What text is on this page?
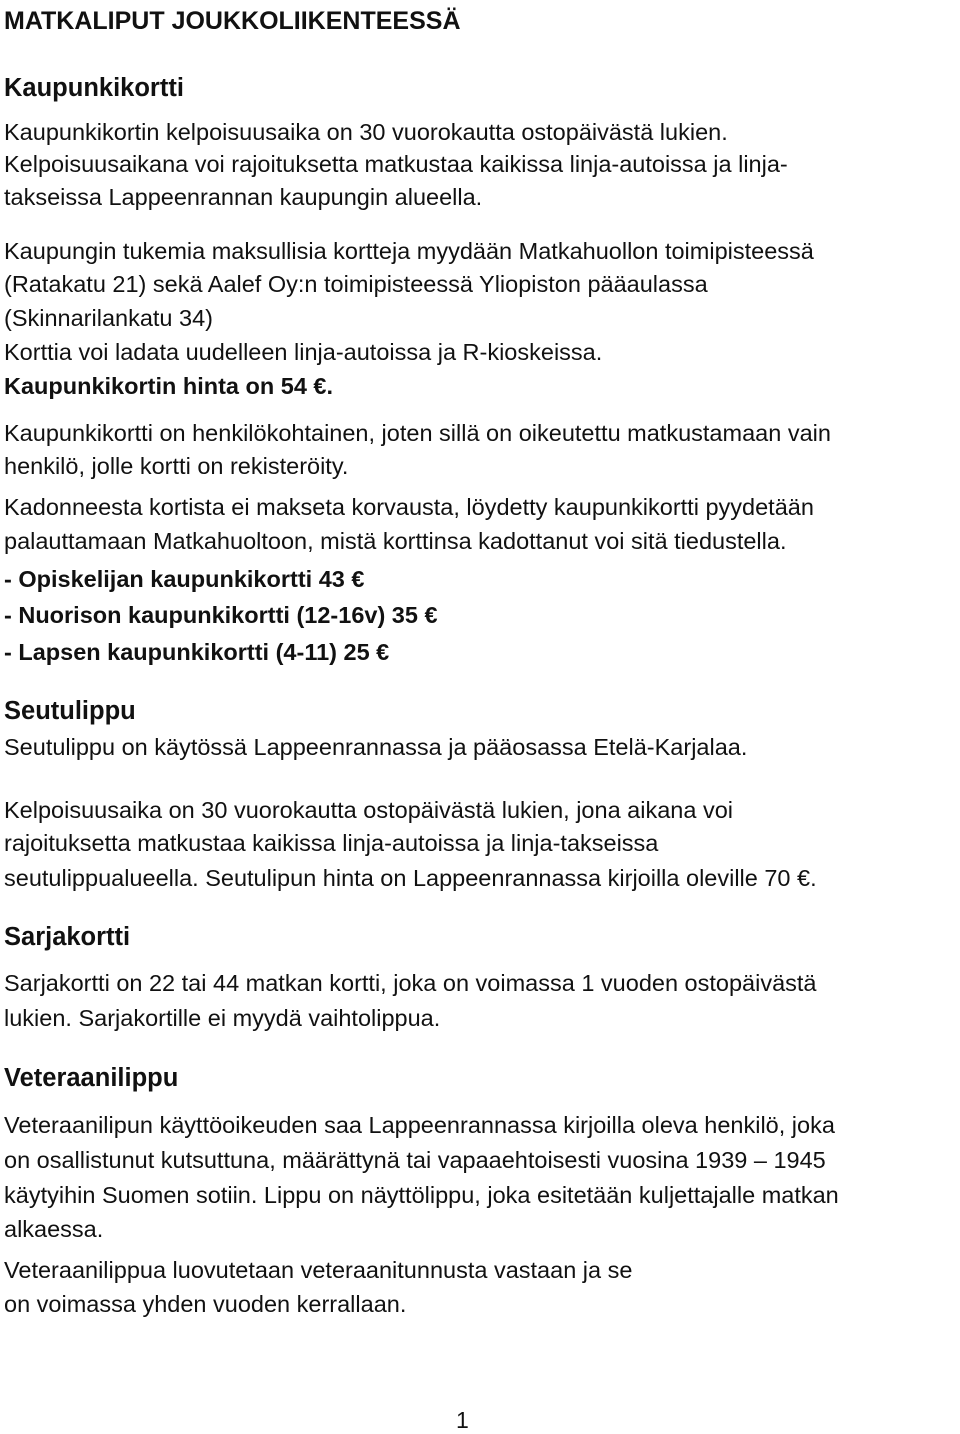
MATKALIPUT JOUKKOLIIKENTEESSÄ
Kaupunkikortti
Kaupunkikortin kelpoisuusaika on 30 vuorokautta ostopäivästä lukien.
Kelpoisuusaikana voi rajoituksetta matkustaa kaikissa linja-autoissa ja linja-
takseissa Lappeenrannan kaupungin alueella.
Kaupungin tukemia maksullisia kortteja myydään Matkahuollon toimipisteessä
(Ratakatu 21) sekä Aalef Oy:n toimipisteessä Yliopiston pääaulassa
(Skinnarilankatu 34)
Korttia voi ladata uudelleen linja-autoissa ja R-kioskeissa.
Kaupunkikortin hinta on 54 €.
Kaupunkikortti on henkilökohtainen, joten sillä on oikeutettu matkustamaan vain
henkilö, jolle kortti on rekisteröity.
Kadonneesta kortista ei makseta korvausta, löydetty kaupunkikortti pyydetään
palauttamaan Matkahuoltoon, mistä korttinsa kadottanut voi sitä tiedustella.
- Opiskelijan kaupunkikortti 43 €
- Nuorison kaupunkikortti (12-16v) 35 €
- Lapsen kaupunkikortti (4-11) 25 €
Seutulippu
Seutulippu on käytössä Lappeenrannassa ja pääosassa Etelä-Karjalaa.
Kelpoisuusaika on 30 vuorokautta ostopäivästä lukien, jona aikana voi
rajoituksetta matkustaa kaikissa linja-autoissa ja linja-takseissa
seutulippualueella. Seutulipun hinta on Lappeenrannassa kirjoilla oleville 70 €.
Sarjakortti
Sarjakortti on 22 tai 44 matkan kortti, joka on voimassa 1 vuoden ostopäivästä
lukien. Sarjakortille ei myydä vaihtolippua.
Veteraanilippu
Veteraanilipun käyttöoikeuden saa Lappeenrannassa kirjoilla oleva henkilö, joka
on osallistunut kutsuttuna, määrättynä tai vapaaehtoisesti vuosina 1939 – 1945
käytyihin Suomen sotiin. Lippu on näyttölippu, joka esitetään kuljettajalle matkan
alkaessa.
Veteraanilippua luovutetaan veteraanitunnusta vastaan ja se
on voimassa yhden vuoden kerrallaan.
1
